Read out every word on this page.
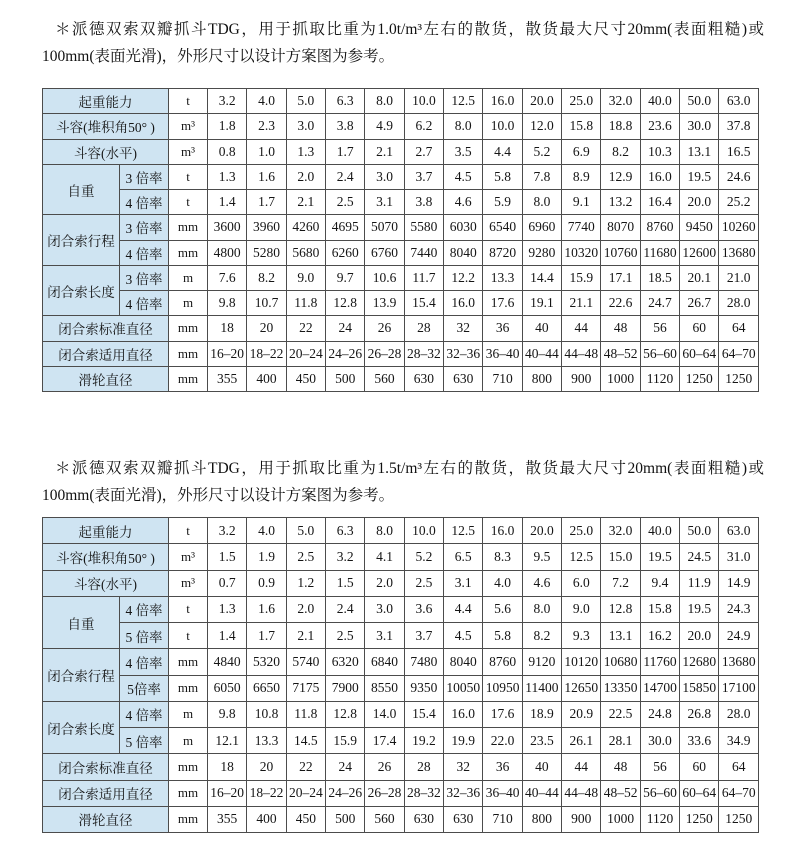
＊派德双索双瓣抓斗TDG，用于抓取比重为1.0t/m³左右的散货，散货最大尺寸20mm(表面粗糙)或100mm(表面光滑)，外形尺寸以设计方案图为参考。

起重能力		t	3.2	4.0	5.0	6.3	8.0	10.0	12.5	16.0	20.0	25.0	32.0	40.0	50.0	63.0
斗容(堆积角50° )		m³	1.8	2.3	3.0	3.8	4.9	6.2	8.0	10.0	12.0	15.8	18.8	23.6	30.0	37.8
斗容(水平)		m³	0.8	1.0	1.3	1.7	2.1	2.7	3.5	4.4	5.2	6.9	8.2	10.3	13.1	16.5
自重	3 倍率	t	1.3	1.6	2.0	2.4	3.0	3.7	4.5	5.8	7.8	8.9	12.9	16.0	19.5	24.6
	4 倍率	t	1.4	1.7	2.1	2.5	3.1	3.8	4.6	5.9	8.0	9.1	13.2	16.4	20.0	25.2
闭合索行程	3 倍率	mm	3600	3960	4260	4695	5070	5580	6030	6540	6960	7740	8070	8760	9450	10260
	4 倍率	mm	4800	5280	5680	6260	6760	7440	8040	8720	9280	10320	10760	11680	12600	13680
闭合索长度	3 倍率	m	7.6	8.2	9.0	9.7	10.6	11.7	12.2	13.3	14.4	15.9	17.1	18.5	20.1	21.0
	4 倍率	m	9.8	10.7	11.8	12.8	13.9	15.4	16.0	17.6	19.1	21.1	22.6	24.7	26.7	28.0
闭合索标准直径		mm	18	20	22	24	26	28	32	36	40	44	48	56	60	64
闭合索适用直径		mm	16–20	18–22	20–24	24–26	26–28	28–32	32–36	36–40	40–44	44–48	48–52	56–60	60–64	64–70
滑轮直径		mm	355	400	450	500	560	630	630	710	800	900	1000	1120	1250	1250

＊派德双索双瓣抓斗TDG，用于抓取比重为1.5t/m³左右的散货，散货最大尺寸20mm(表面粗糙)或100mm(表面光滑)，外形尺寸以设计方案图为参考。

起重能力		t	3.2	4.0	5.0	6.3	8.0	10.0	12.5	16.0	20.0	25.0	32.0	40.0	50.0	63.0
斗容(堆积角50° )		m³	1.5	1.9	2.5	3.2	4.1	5.2	6.5	8.3	9.5	12.5	15.0	19.5	24.5	31.0
斗容(水平)		m³	0.7	0.9	1.2	1.5	2.0	2.5	3.1	4.0	4.6	6.0	7.2	9.4	11.9	14.9
自重	4 倍率	t	1.3	1.6	2.0	2.4	3.0	3.6	4.4	5.6	8.0	9.0	12.8	15.8	19.5	24.3
	5 倍率	t	1.4	1.7	2.1	2.5	3.1	3.7	4.5	5.8	8.2	9.3	13.1	16.2	20.0	24.9
闭合索行程	4 倍率	mm	4840	5320	5740	6320	6840	7480	8040	8760	9120	10120	10680	11760	12680	13680
	5倍率	mm	6050	6650	7175	7900	8550	9350	10050	10950	11400	12650	13350	14700	15850	17100
闭合索长度	4 倍率	m	9.8	10.8	11.8	12.8	14.0	15.4	16.0	17.6	18.9	20.9	22.5	24.8	26.8	28.0
	5 倍率	m	12.1	13.3	14.5	15.9	17.4	19.2	19.9	22.0	23.5	26.1	28.1	30.0	33.6	34.9
闭合索标准直径		mm	18	20	22	24	26	28	32	36	40	44	48	56	60	64
闭合索适用直径		mm	16–20	18–22	20–24	24–26	26–28	28–32	32–36	36–40	40–44	44–48	48–52	56–60	60–64	64–70
滑轮直径		mm	355	400	450	500	560	630	630	710	800	900	1000	1120	1250	1250
